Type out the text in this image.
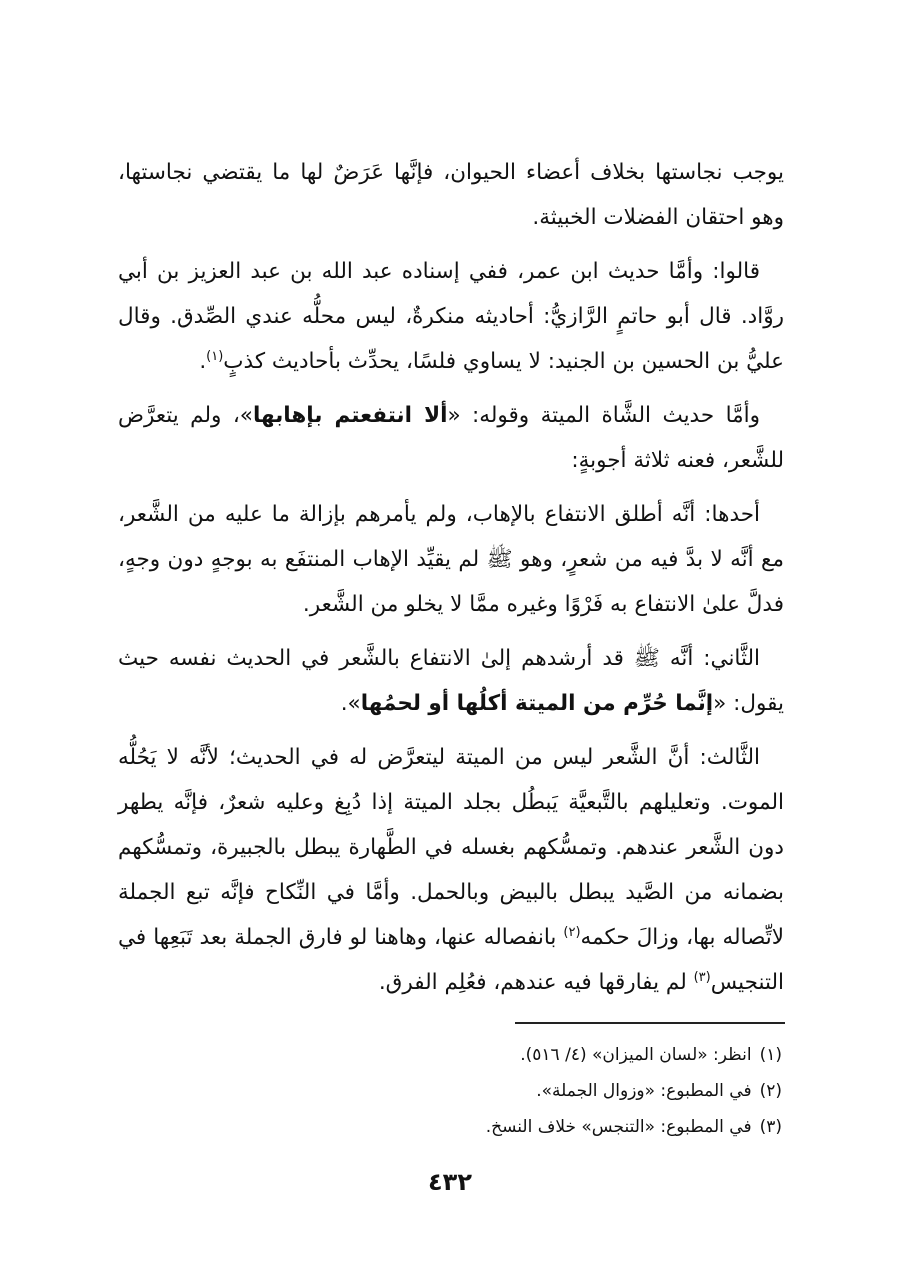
يوجب نجاستها بخلاف أعضاء الحيوان، فإنَّها عَرَضٌ لها ما يقتضي نجاستها، وهو احتقان الفضلات الخبيثة.

قالوا: وأمَّا حديث ابن عمر، ففي إسناده عبد الله بن عبد العزيز بن أبي روَّاد. قال أبو حاتمٍ الرَّازيُّ: أحاديثه منكرةٌ، ليس محلُّه عندي الصِّدق. وقال عليُّ بن الحسين بن الجنيد: لا يساوي فلسًا، يحدِّث بأحاديث كذبٍ$^{(١)}$.

وأمَّا حديث الشَّاة الميتة وقوله: «ألا انتفعتم بإهابها»، ولم يتعرَّض للشَّعر، فعنه ثلاثة أجوبةٍ:

أحدها: أنَّه أطلق الانتفاع بالإهاب، ولم يأمرهم بإزالة ما عليه من الشَّعر، مع أنَّه لا بدَّ فيه من شعرٍ، وهو ﷺ لم يقيِّد الإهاب المنتفَع به بوجهٍ دون وجهٍ، فدلَّ علىٰ الانتفاع به فَرْوًا وغيره ممَّا لا يخلو من الشَّعر.

الثَّاني: أنَّه ﷺ قد أرشدهم إلىٰ الانتفاع بالشَّعر في الحديث نفسه حيث يقول: «إنَّما حُرِّم من الميتة أكلُها أو لحمُها».

الثَّالث: أنَّ الشَّعر ليس من الميتة ليتعرَّض له في الحديث؛ لأنَّه لا يَحُلُّه الموت. وتعليلهم بالتَّبعيَّة يَبطُل بجلد الميتة إذا دُبِغ وعليه شعرٌ، فإنَّه يطهر دون الشَّعر عندهم. وتمسُّكهم بغسله في الطَّهارة يبطل بالجبيرة، وتمسُّكهم بضمانه من الصَّيد يبطل بالبيض وبالحمل. وأمَّا في النِّكاح فإنَّه تبع الجملة لاتِّصاله بها، وزالَ حكمه$^{(٢)}$ بانفصاله عنها، وهاهنا لو فارق الجملة بعد تَبَعِها في التنجيس$^{(٣)}$ لم يفارقها فيه عندهم، فعُلِم الفرق.

(١)انظر: «لسان الميزان» (٤/ ٥١٦).

(٢)في المطبوع: «وزوال الجملة».

(٣)في المطبوع: «التنجس» خلاف النسخ.

٤٣٢
